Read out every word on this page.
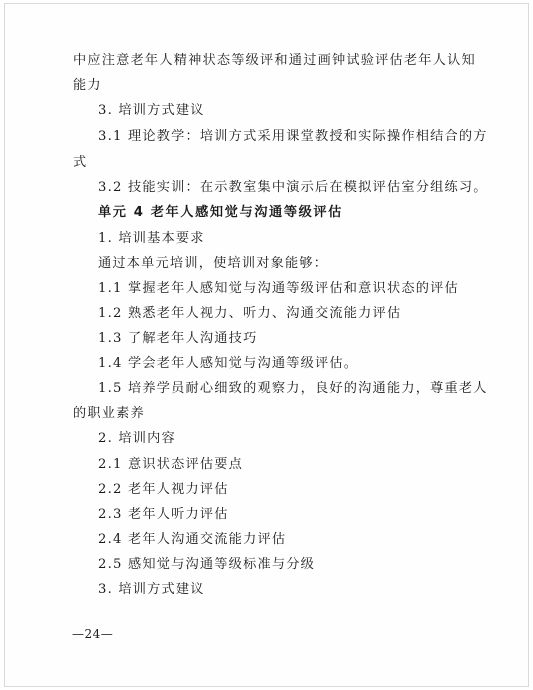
中应注意老年人精神状态等级评和通过画钟试验评估老年人认知
能力
3. 培训方式建议
3.1 理论教学：培训方式采用课堂教授和实际操作相结合的方
式
3.2 技能实训：在示教室集中演示后在模拟评估室分组练习。
单元 4 老年人感知觉与沟通等级评估
1. 培训基本要求
通过本单元培训，使培训对象能够：
1.1 掌握老年人感知觉与沟通等级评估和意识状态的评估
1.2 熟悉老年人视力、听力、沟通交流能力评估
1.3 了解老年人沟通技巧
1.4 学会老年人感知觉与沟通等级评估。
1.5 培养学员耐心细致的观察力，良好的沟通能力，尊重老人
的职业素养
2. 培训内容
2.1 意识状态评估要点
2.2 老年人视力评估
2.3 老年人听力评估
2.4 老年人沟通交流能力评估
2.5 感知觉与沟通等级标准与分级
3. 培训方式建议
—24—
